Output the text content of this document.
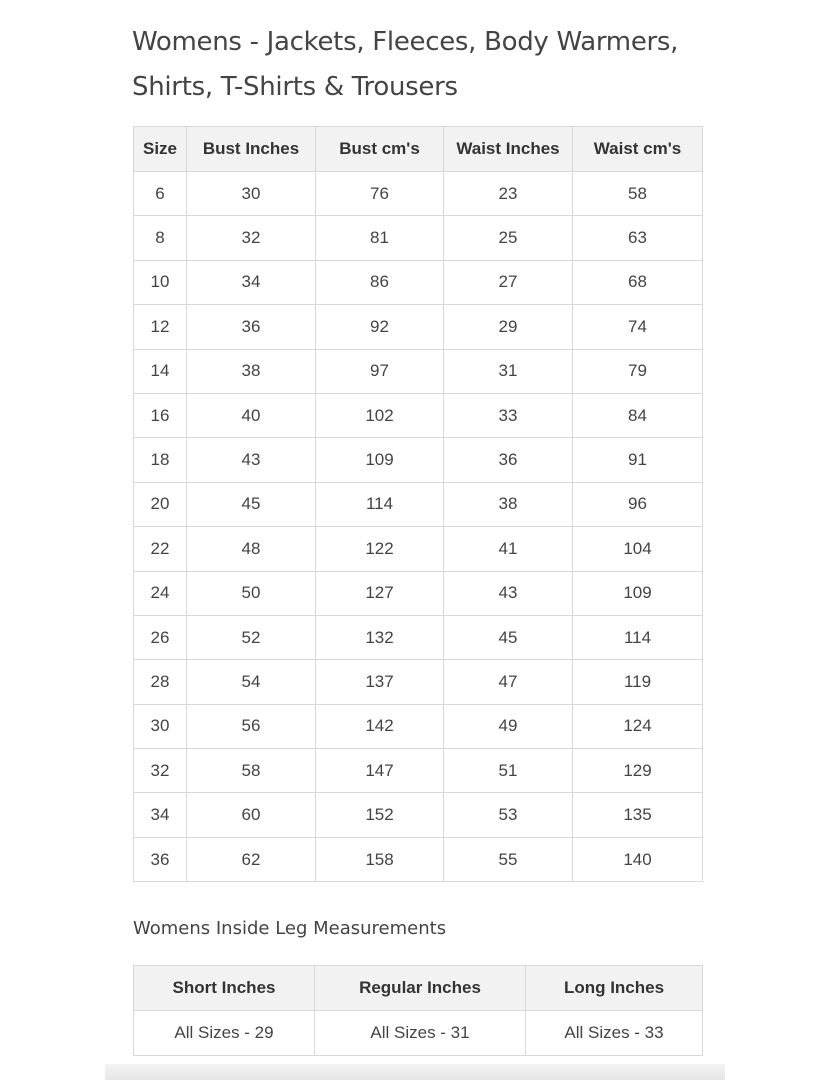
Womens - Jackets, Fleeces, Body Warmers, Shirts, T-Shirts & Trousers
Size	Bust Inches	Bust cm's	Waist Inches	Waist cm's
6	30	76	23	58
8	32	81	25	63
10	34	86	27	68
12	36	92	29	74
14	38	97	31	79
16	40	102	33	84
18	43	109	36	91
20	45	114	38	96
22	48	122	41	104
24	50	127	43	109
26	52	132	45	114
28	54	137	47	119
30	56	142	49	124
32	58	147	51	129
34	60	152	53	135
36	62	158	55	140
Womens Inside Leg Measurements
Short Inches	Regular Inches	Long Inches
All Sizes - 29	All Sizes - 31	All Sizes - 33
